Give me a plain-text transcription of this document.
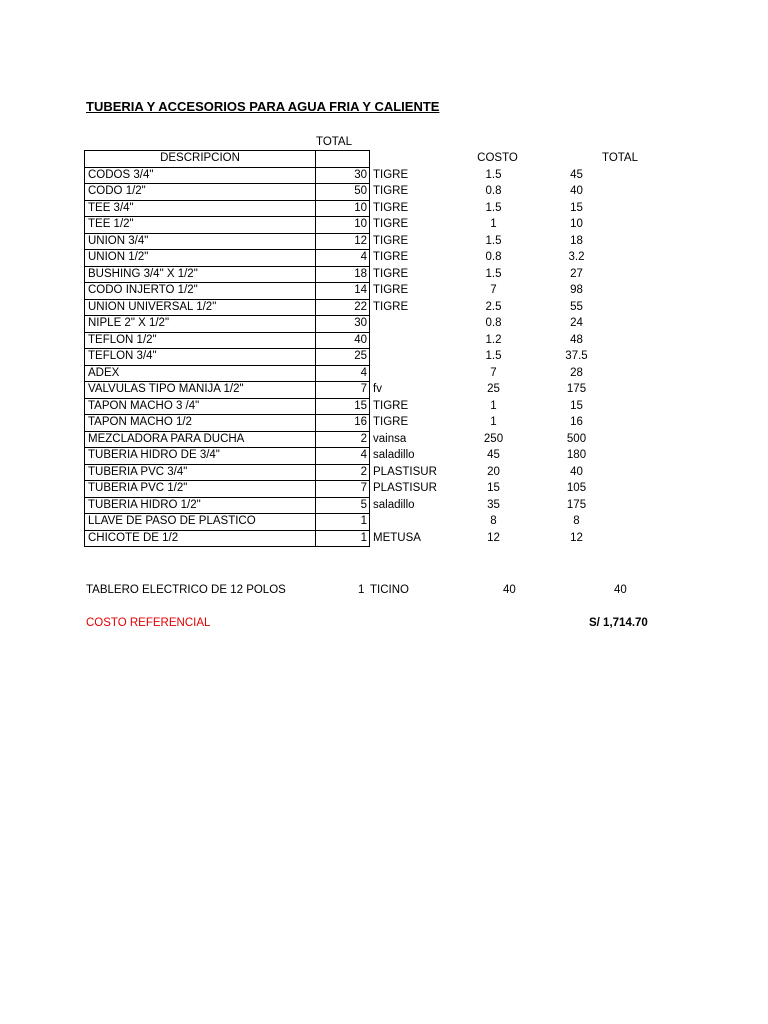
TUBERIA Y ACCESORIOS PARA AGUA FRIA Y CALIENTE
TOTAL
COSTO	TOTAL
DESCRIPCION				
CODOS 3/4"	30	TIGRE	1.5	45
CODO 1/2"	50	TIGRE	0.8	40
TEE 3/4"	10	TIGRE	1.5	15
TEE 1/2"	10	TIGRE	1	10
UNION 3/4"	12	TIGRE	1.5	18
UNION 1/2"	4	TIGRE	0.8	3.2
BUSHING 3/4" X 1/2"	18	TIGRE	1.5	27
CODO INJERTO 1/2"	14	TIGRE	7	98
UNION UNIVERSAL 1/2"	22	TIGRE	2.5	55
NIPLE 2" X 1/2"	30		0.8	24
TEFLON 1/2"	40		1.2	48
TEFLON 3/4"	25		1.5	37.5
ADEX	4		7	28
VALVULAS TIPO MANIJA 1/2"	7	fv	25	175
TAPON MACHO 3 /4"	15	TIGRE	1	15
TAPON MACHO 1/2	16	TIGRE	1	16
MEZCLADORA PARA DUCHA	2	vainsa	250	500
TUBERIA HIDRO DE 3/4"	4	saladillo	45	180
TUBERIA PVC 3/4"	2	PLASTISUR	20	40
TUBERIA PVC 1/2"	7	PLASTISUR	15	105
TUBERIA HIDRO 1/2"	5	saladillo	35	175
LLAVE DE PASO DE PLASTICO	1		8	8
CHICOTE DE 1/2	1	METUSA	12	12
TABLERO ELECTRICO DE 12 POLOS	1 TICINO	40	40
COSTO REFERENCIAL	S/ 1,714.70
